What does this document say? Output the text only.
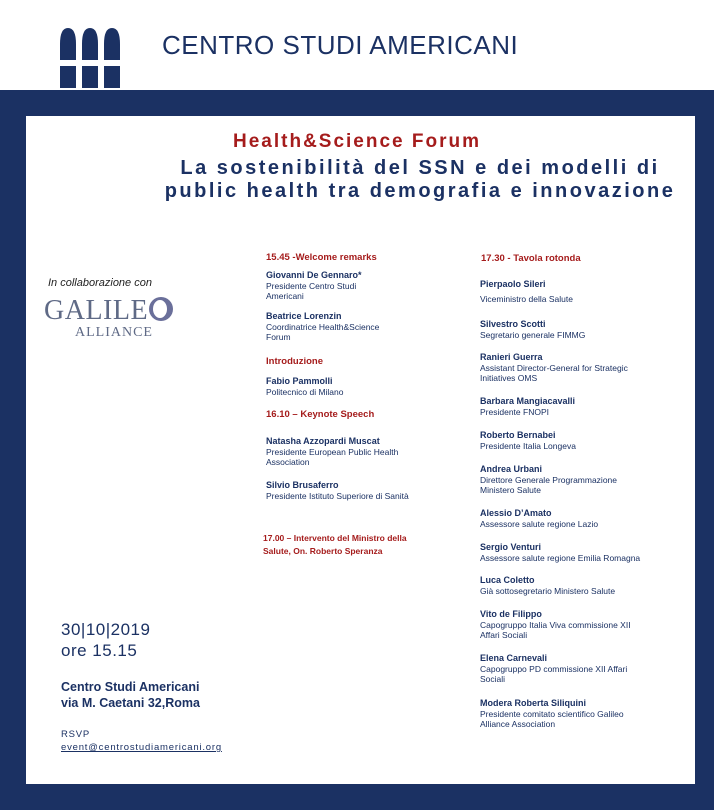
CENTRO STUDI AMERICANI
Health&Science Forum
La sostenibilità del SSN e dei modelli di public health tra demografia e innovazione
In collaborazione con
GALILE
ALLIANCE
15.45 -Welcome remarks
Giovanni De Gennaro*
Presidente Centro Studi
Americani
Beatrice Lorenzin
Coordinatrice Health&Science
Forum
Introduzione
Fabio Pammolli
Politecnico di Milano
16.10 – Keynote Speech
Natasha Azzopardi Muscat
Presidente European Public Health
Association
Silvio Brusaferro
Presidente Istituto Superiore di Sanità
17.00 – Intervento del Ministro della
Salute, On. Roberto Speranza
17.30 - Tavola rotonda
Pierpaolo Sileri
Viceministro della Salute
Silvestro Scotti
Segretario generale FIMMG
Ranieri Guerra
Assistant Director-General for Strategic
Initiatives OMS
Barbara Mangiacavalli
Presidente FNOPI
Roberto Bernabei
Presidente Italia Longeva
Andrea Urbani
Direttore Generale Programmazione
Ministero Salute
Alessio D’Amato
Assessore salute regione Lazio
Sergio Venturi
Assessore salute regione Emilia Romagna
Luca Coletto
Già sottosegretario Ministero Salute
Vito de Filippo
Capogruppo Italia Viva commissione XII
Affari Sociali
Elena Carnevali
Capogruppo PD commissione XII Affari
Sociali
Modera Roberta Siliquini
Presidente comitato scientifico Galileo
Alliance Association
30|10|2019
ore 15.15
Centro Studi Americani
via M. Caetani 32,Roma
RSVP
event@centrostudiamericani.org
